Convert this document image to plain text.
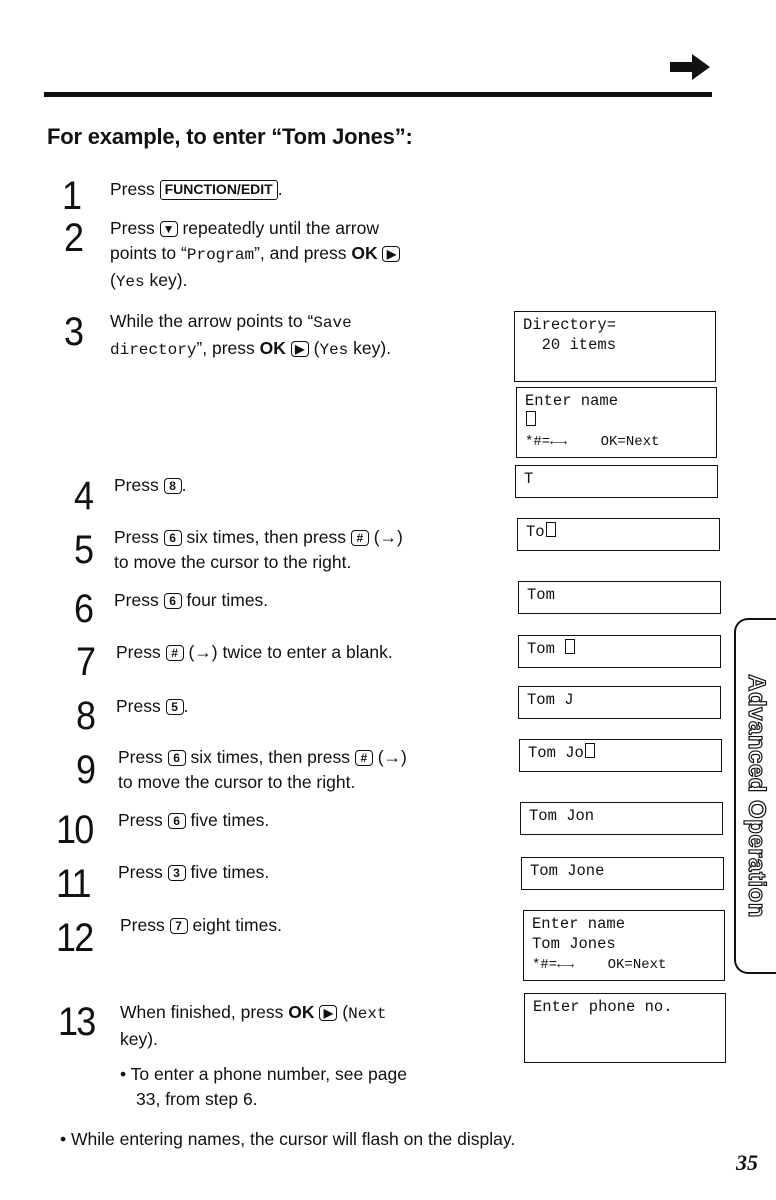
For example, to enter “Tom Jones”:
1 Press FUNCTION/EDIT .
2 Press ▼ repeatedly until the arrow
points to “Program”, and press OK ▶
(Yes key).
3 While the arrow points to “Save
directory”, press OK ▶ (Yes key).
4 Press 8 .
5 Press 6 six times, then press # (→)
to move the cursor to the right.
6 Press 6 four times.
7 Press # (→) twice to enter a blank.
8 Press 5 .
9 Press 6 six times, then press # (→)
to move the cursor to the right.
10 Press 6 five times.
11 Press 3 five times.
12 Press 7 eight times.
13 When finished, press OK ▶ (Next
key).
• To enter a phone number, see page
33, from step 6.
Directory=
20 items
Enter name

*#=←→    OK=Next
T
To
Tom
Tom
Tom J
Tom Jo
Tom Jon
Tom Jone
Enter name
Tom Jones
*#=←→    OK=Next
Enter phone no.
• While entering names, the cursor will flash on the display.
Advanced Operation
35
